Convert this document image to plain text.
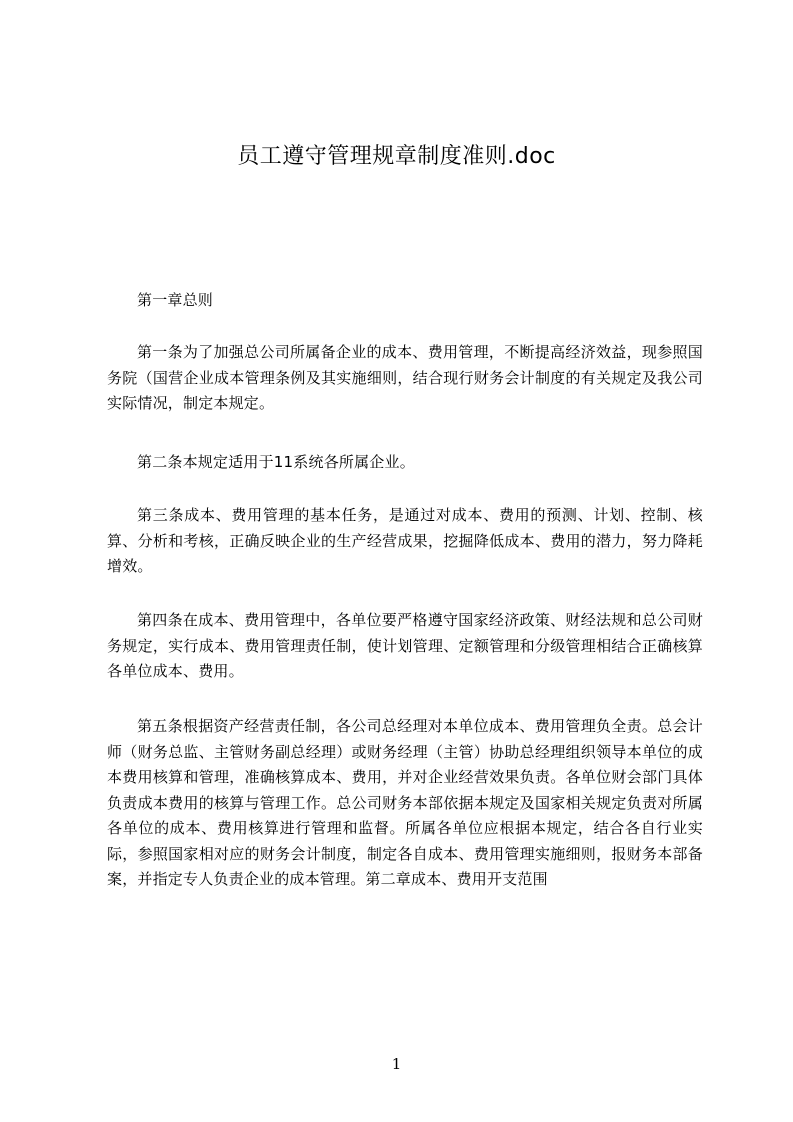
员工遵守管理规章制度准则.doc
第一章总则
第一条为了加强总公司所属备企业的成本、费用管理，不断提高经济效益，现参照国务院（国营企业成本管理条例及其实施细则，结合现行财务会计制度的有关规定及我公司实际情况，制定本规定。
第二条本规定适用于11系统各所属企业。
第三条成本、费用管理的基本任务，是通过对成本、费用的预测、计划、控制、核算、分析和考核，正确反映企业的生产经营成果，挖掘降低成本、费用的潜力，努力降耗增效。
第四条在成本、费用管理中，各单位要严格遵守国家经济政策、财经法规和总公司财务规定，实行成本、费用管理责任制，使计划管理、定额管理和分级管理相结合正确核算各单位成本、费用。
第五条根据资产经营责任制，各公司总经理对本单位成本、费用管理负全责。总会计师（财务总监、主管财务副总经理）或财务经理（主管）协助总经理组织领导本单位的成本费用核算和管理，准确核算成本、费用，并对企业经营效果负责。各单位财会部门具体负责成本费用的核算与管理工作。总公司财务本部依据本规定及国家相关规定负责对所属各单位的成本、费用核算进行管理和监督。所属各单位应根据本规定，结合各自行业实际，参照国家相对应的财务会计制度，制定各自成本、费用管理实施细则，报财务本部备案，并指定专人负责企业的成本管理。第二章成本、费用开支范围
1
